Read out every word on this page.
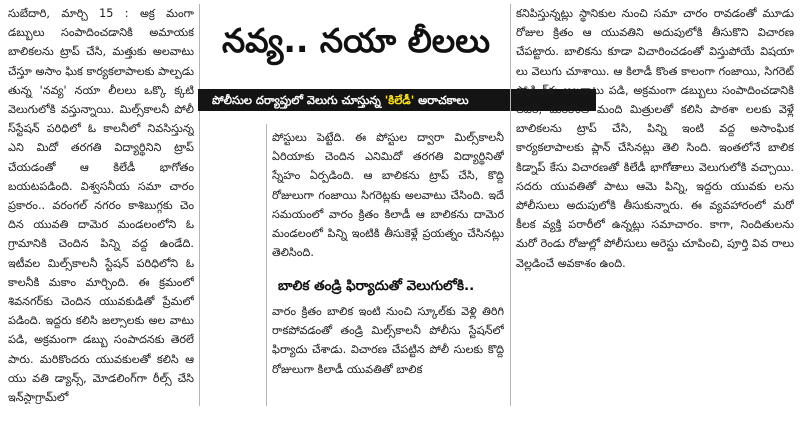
సుబేదారి, మార్చి 15 : అక్ర మంగా డబ్బులు సంపాదించడానికి అమాయక బాలికలను ట్రాప్ చేసి, మత్తుకు అలవాటు చేస్తూ అసాం ఘిక కార్యకలాపాలకు పాల్పడు తున్న 'నవ్య' నయా లీలలు ఒక్కొ క్కటి వెలుగులోకి వస్తున్నాయి. మిల్స్‌కాలనీ పోలీ స్‌స్టేషన్ పరిధిలో ఓ కాలనీలో నివసిస్తున్న ఎని మిదో తరగతి విద్యార్థినిని ట్రాప్ చేయడంతో ఆ కిలేడీ భాగోతం బయటపడింది. విశ్వసనీయ సమా చారం ప్రకారం.. వరంగల్ నగరం కాశిబుగ్గకు చెం దిన యువతి దామెర మండలంలోని ఓ గ్రామానికి చెందిన పిన్ని వద్ద ఉండేది. ఇటీవల మిల్స్‌కాలనీ స్టేషన్ పరిధిలోని ఓ కాలనీకి మకాం మార్చింది. ఈ క్రమంలో శివనగర్‌కు చెందిన యువకుడితో ప్రేమలో పడింది. ఇద్దరు కలిసి జల్సాలకు అల వాటు పడి, అక్రమంగా డబ్బు సంపాదనకు తెరలే పారు. మరికొందరు యువకులతో కలిసి ఆ యు వతి డ్యాన్స్, మోడలింగ్‌గా రీల్స్ చేసి ఇన్‌స్టాగ్రామ్‌లో

నవ్య.. నయా లీలలు
పోలీసుల దర్యాప్తులో వెలుగు చూస్తున్న 'కిలేడీ' అరాచకాలు

పోస్టులు పెట్టేది. ఈ పోస్టుల ద్వారా మిల్స్‌కాలనీ ఏరియాకు చెందిన ఎనిమిదో తరగతి విద్యార్థినితో స్నేహం ఏర్పడింది. ఆ బాలికను ట్రాప్ చేసి, కొద్ది రోజులుగా గంజాయి సిగరెట్లకు అలవాటు చేసింది. ఇదే సమయంలో వారం క్రితం కిలాడీ ఆ బాలికను దామెర మండలంలో పిన్ని ఇంటికి తీసుకెళ్లే ప్రయత్నం చేసినట్లు తెలిసింది.

బాలిక తండ్రి ఫిర్యాదుతో వెలుగులోకి..

వారం క్రితం బాలిక ఇంటి నుంచి స్కూల్‌కు వెళ్లి తిరిగి రాకపోవడంతో తండ్రి మిల్స్‌కాలనీ పోలీసు స్టేషన్‌లో ఫిర్యాదు చేశాడు. విచారణ చేపట్టిన పోలీ సులకు కొద్ది రోజులుగా కిలాడీ యువతితో బాలిక

కనిపిస్తున్నట్లు స్థానికుల నుంచి సమా చారం రావడంతో మూడు రోజుల క్రితం ఆ యువతిని అదుపులోకి తీసుకొని విచారణ చేపట్టారు. బాలికను కూడా విచారించడంతో విస్తుపోయే విషయా లు వెలుగు చూశాయి. ఆ కిలాడీ కొంత కాలంగా గంజాయి, సిగరెట్ స్మోకింగ్‌కు అలవాటు పడి, అక్రమంగా డబ్బులు సంపాదించడానికి లవర్, మరికొంత మంది మిత్రులతో కలిసి పాఠశా లలకు వెళ్లే బాలికలను ట్రాప్ చేసి, పిన్ని ఇంటి వద్ద అసాంఘిక కార్యకలాపాలకు ప్లాన్ చేసినట్లు తెలి సింది. ఇంతలోనే బాలిక కిడ్నాప్ కేసు విచారణతో కిలేడీ భాగోతాలు వెలుగులోకి వచ్చాయి. సదరు యువతితో పాటు ఆమె పిన్ని, ఇద్దరు యువకు లను పోలీసులు అదుపులోకి తీసుకున్నారు. ఈ వ్యవహారంలో మరో కీలక వ్యక్తి పరారీలో ఉన్నట్లు సమాచారం. కాగా, నిందితులను మరో రెండు రోజుల్లో పోలీసులు అరెస్టు చూపించి, పూర్తి వివ రాలు వెల్లడించే అవకాశం ఉంది.
